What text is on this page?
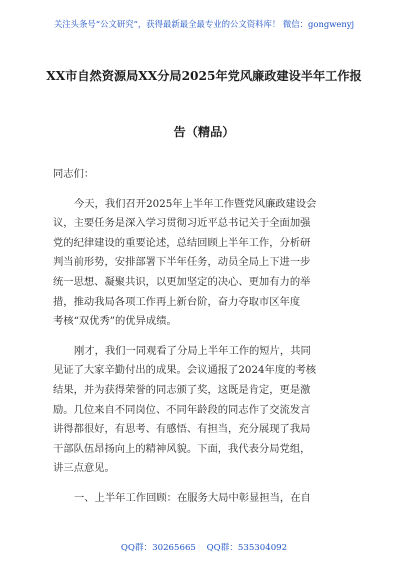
关注头条号“公文研究”，获得最新最全最专业的公文资料库！ 微信：gongwenyj
XX市自然资源局XX分局2025年党风廉政建设半年工作报
告（精品）
同志们：
今天，我们召开2025年上半年工作暨党风廉政建设会
议，主要任务是深入学习贯彻习近平总书记关于全面加强
党的纪律建设的重要论述，总结回顾上半年工作，分析研
判当前形势，安排部署下半年任务，动员全局上下进一步
统一思想、凝聚共识，以更加坚定的决心、更加有力的举
措，推动我局各项工作再上新台阶，奋力夺取市区年度
考核“双优秀”的优异成绩。
刚才，我们一同观看了分局上半年工作的短片，共同
见证了大家辛勤付出的成果。会议通报了2024年度的考核
结果，并为获得荣誉的同志颁了奖，这既是肯定，更是激
励。几位来自不同岗位、不同年龄段的同志作了交流发言
讲得都很好，有思考、有感悟、有担当，充分展现了我局
干部队伍昂扬向上的精神风貌。下面，我代表分局党组，
讲三点意见。
一、上半年工作回顾：在服务大局中彰显担当，在自
QQ群：30265665 QQ群：535304092
